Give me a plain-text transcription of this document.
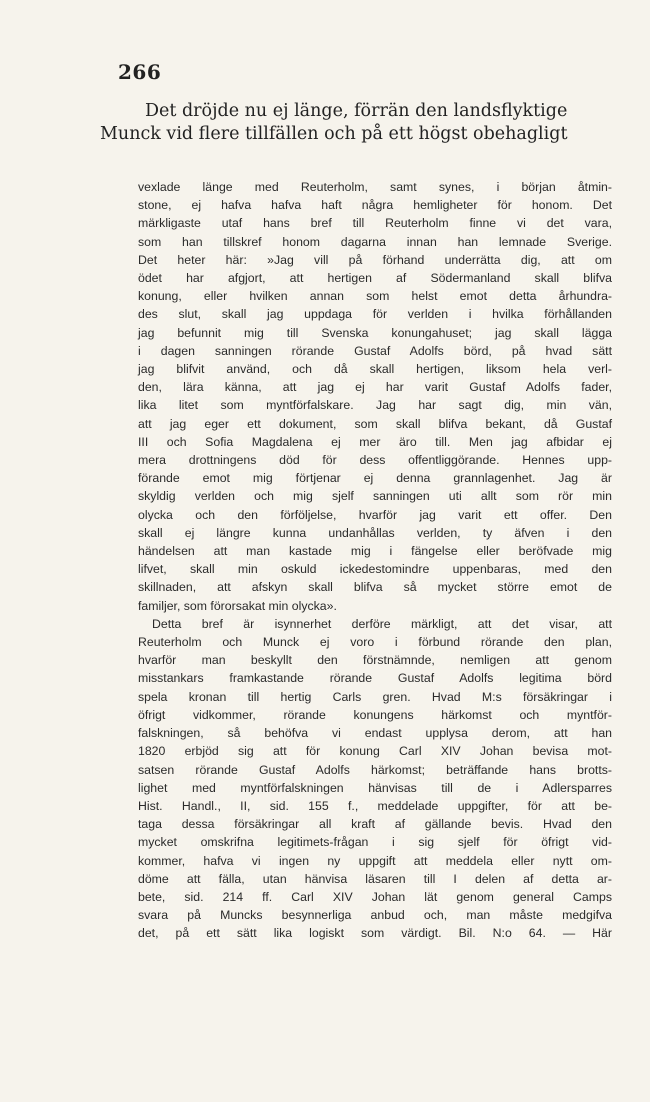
266
Det dröjde nu ej länge, förrän den landsflyktige
Munck vid flere tillfällen och på ett högst obehagligt
vexlade länge med Reuterholm, samt synes, i början åtmin-
stone, ej hafva hafva haft några hemligheter för honom. Det
märkligaste utaf hans bref till Reuterholm finne vi det vara,
som han tillskref honom dagarna innan han lemnade Sverige.
Det heter här: »Jag vill på förhand underrätta dig, att om
ödet har afgjort, att hertigen af Södermanland skall blifva
konung, eller hvilken annan som helst emot detta århundra-
des slut, skall jag uppdaga för verlden i hvilka förhållanden
jag befunnit mig till Svenska konungahuset; jag skall lägga
i dagen sanningen rörande Gustaf Adolfs börd, på hvad sätt
jag blifvit använd, och då skall hertigen, liksom hela verl-
den, lära känna, att jag ej har varit Gustaf Adolfs fader,
lika litet som myntförfalskare. Jag har sagt dig, min vän,
att jag eger ett dokument, som skall blifva bekant, då Gustaf
III och Sofia Magdalena ej mer äro till. Men jag afbidar ej
mera drottningens död för dess offentliggörande. Hennes upp-
förande emot mig förtjenar ej denna grannlagenhet. Jag är
skyldig verlden och mig sjelf sanningen uti allt som rör min
olycka och den förföljelse, hvarför jag varit ett offer. Den
skall ej längre kunna undanhållas verlden, ty äfven i den
händelsen att man kastade mig i fängelse eller beröfvade mig
lifvet, skall min oskuld ickedestomindre uppenbaras, med den
skillnaden, att afskyn skall blifva så mycket större emot de
familjer, som förorsakat min olycka».
Detta bref är isynnerhet derföre märkligt, att det visar, att
Reuterholm och Munck ej voro i förbund rörande den plan,
hvarför man beskyllt den förstnämnde, nemligen att genom
misstankars framkastande rörande Gustaf Adolfs legitima börd
spela kronan till hertig Carls gren. Hvad M:s försäkringar i
öfrigt vidkommer, rörande konungens härkomst och myntför-
falskningen, så behöfva vi endast upplysa derom, att han
1820 erbjöd sig att för konung Carl XIV Johan bevisa mot-
satsen rörande Gustaf Adolfs härkomst; beträffande hans brotts-
lighet med myntförfalskningen hänvisas till de i Adlersparres
Hist. Handl., II, sid. 155 f., meddelade uppgifter, för att be-
taga dessa försäkringar all kraft af gällande bevis. Hvad den
mycket omskrifna legitimets-frågan i sig sjelf för öfrigt vid-
kommer, hafva vi ingen ny uppgift att meddela eller nytt om-
döme att fälla, utan hänvisa läsaren till I delen af detta ar-
bete, sid. 214 ff. Carl XIV Johan lät genom general Camps
svara på Muncks besynnerliga anbud och, man måste medgifva
det, på ett sätt lika logiskt som värdigt. Bil. N:o 64. — Här
